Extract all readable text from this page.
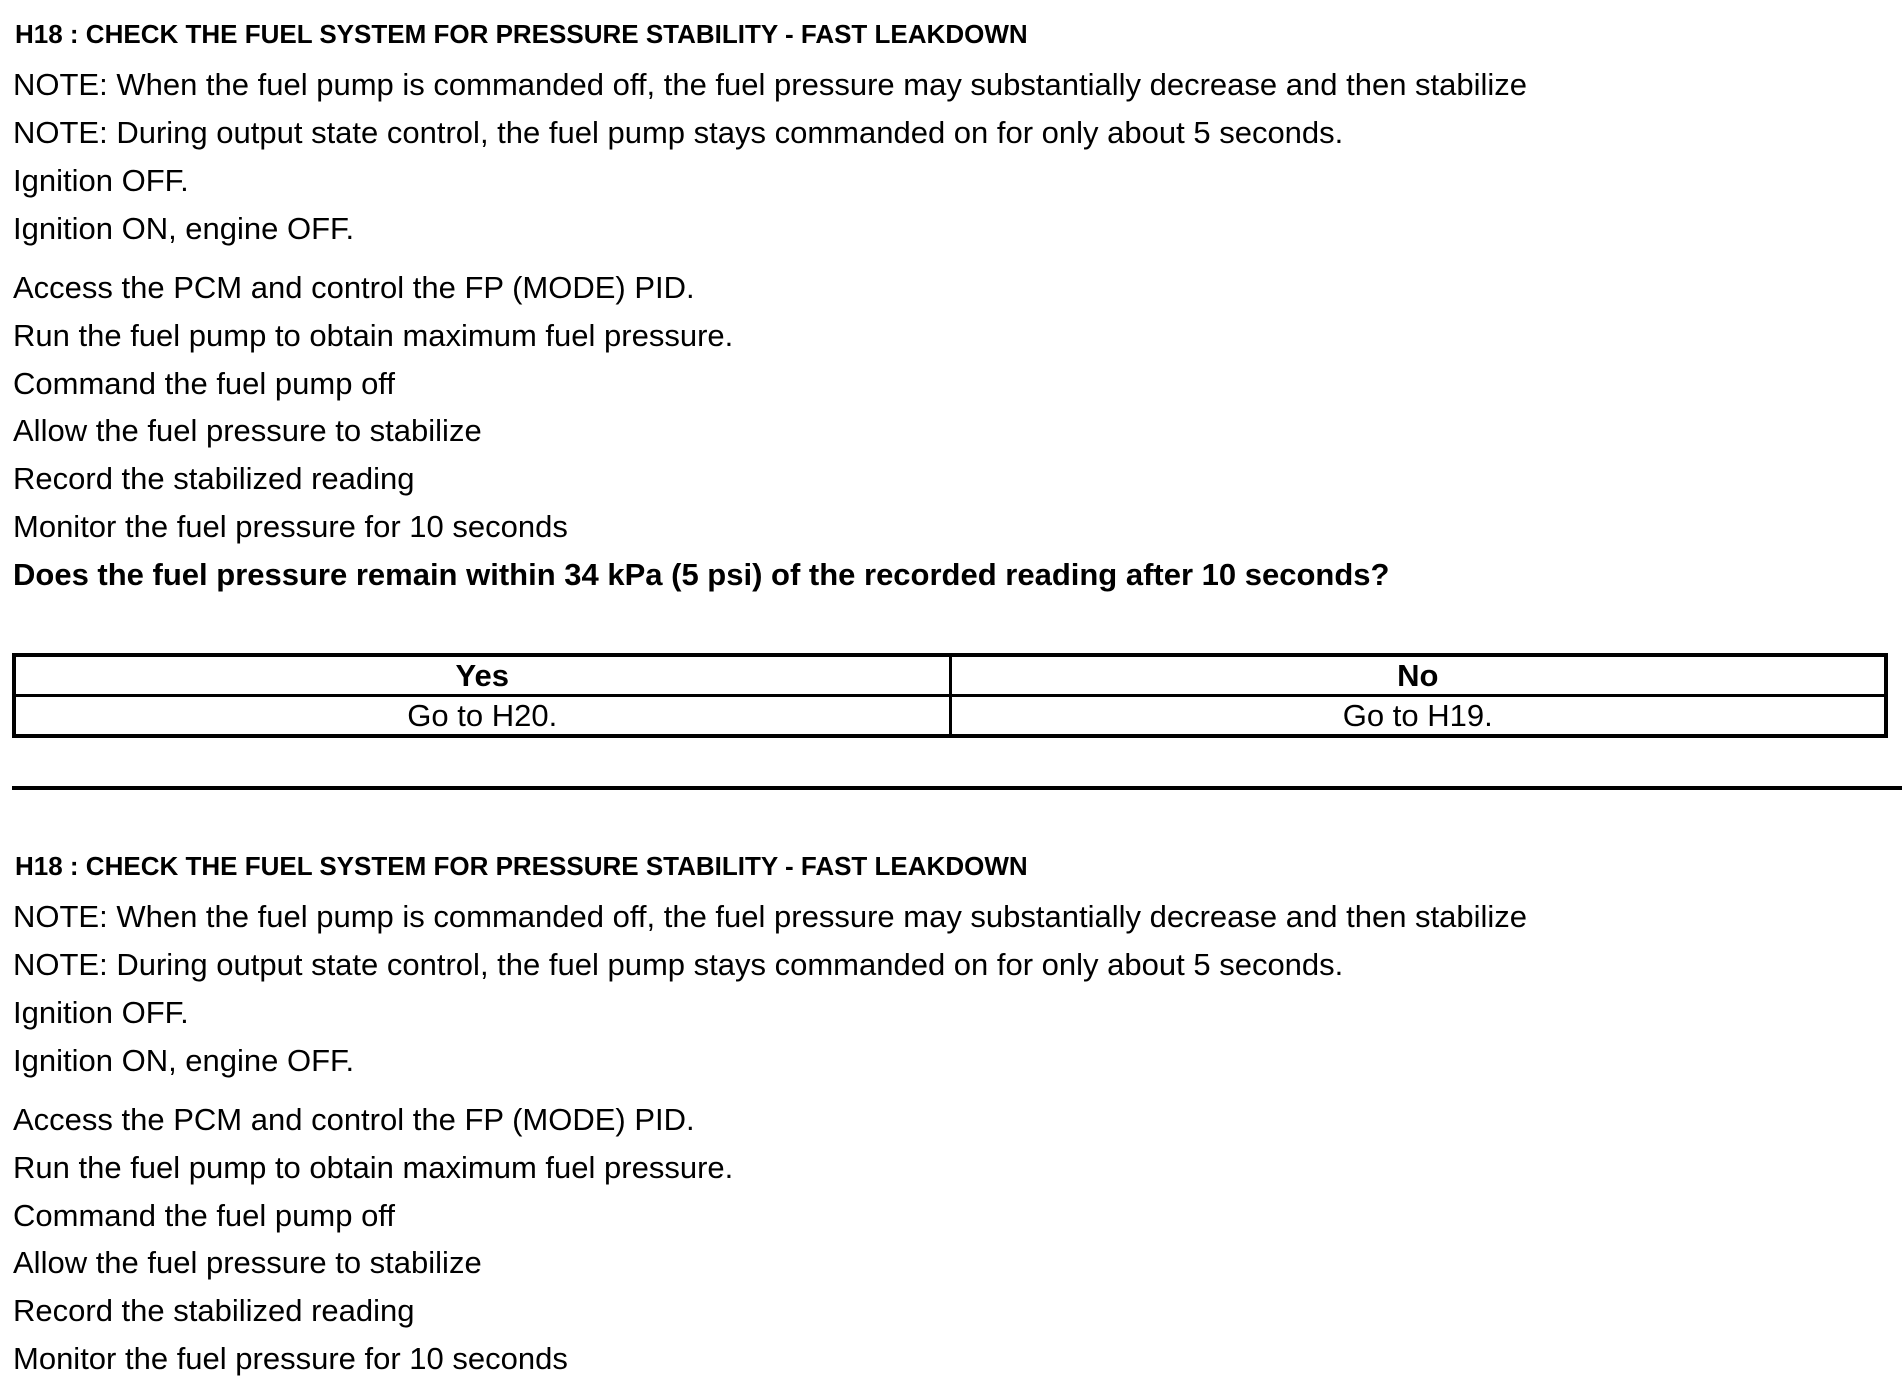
H18 : CHECK THE FUEL SYSTEM FOR PRESSURE STABILITY - FAST LEAKDOWN
NOTE: When the fuel pump is commanded off, the fuel pressure may substantially decrease and then stabilize
NOTE: During output state control, the fuel pump stays commanded on for only about 5 seconds.
Ignition OFF.
Ignition ON, engine OFF.
Access the PCM and control the FP (MODE) PID.
Run the fuel pump to obtain maximum fuel pressure.
Command the fuel pump off
Allow the fuel pressure to stabilize
Record the stabilized reading
Monitor the fuel pressure for 10 seconds
Does the fuel pressure remain within 34 kPa (5 psi) of the recorded reading after 10 seconds?
Yes	No
Go to H20.	Go to H19.
H18 : CHECK THE FUEL SYSTEM FOR PRESSURE STABILITY - FAST LEAKDOWN
NOTE: When the fuel pump is commanded off, the fuel pressure may substantially decrease and then stabilize
NOTE: During output state control, the fuel pump stays commanded on for only about 5 seconds.
Ignition OFF.
Ignition ON, engine OFF.
Access the PCM and control the FP (MODE) PID.
Run the fuel pump to obtain maximum fuel pressure.
Command the fuel pump off
Allow the fuel pressure to stabilize
Record the stabilized reading
Monitor the fuel pressure for 10 seconds
